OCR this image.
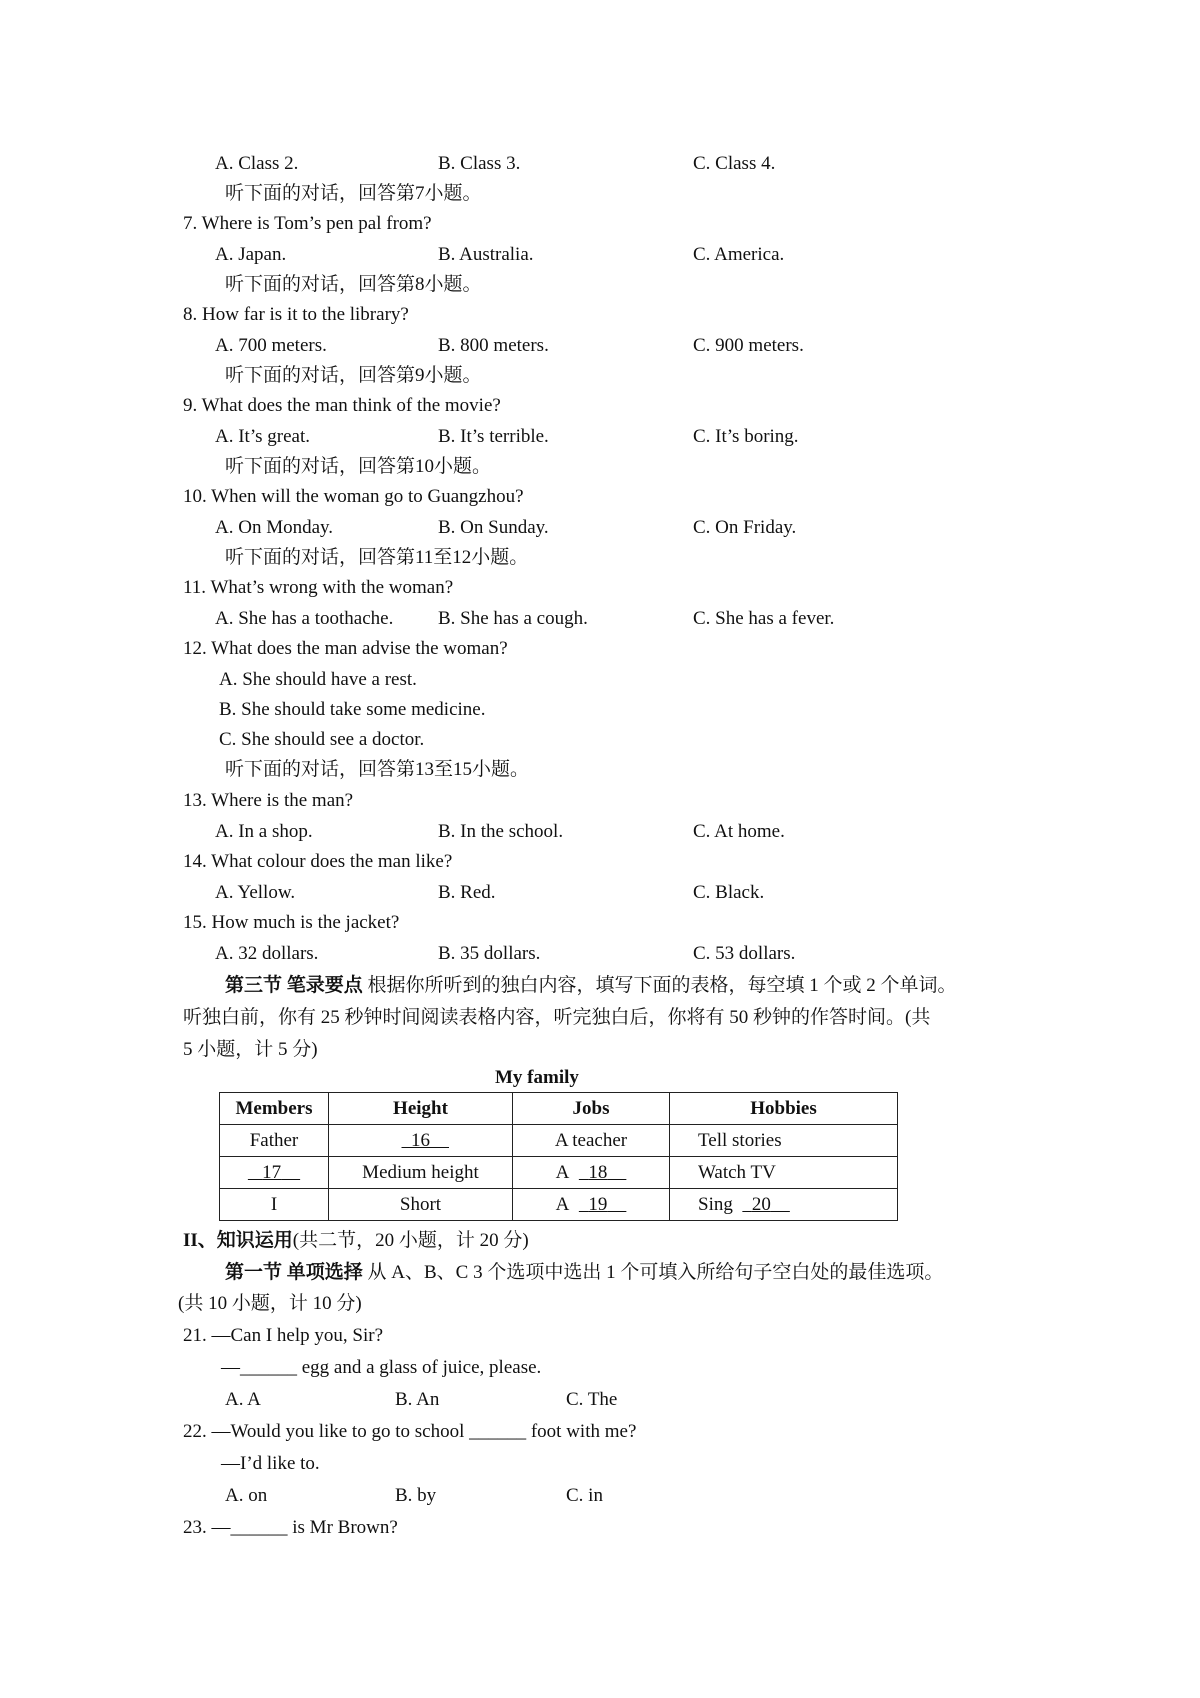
A. Class 2.	B. Class 3.	C. Class 4.
听下面的对话，回答第7小题。
7. Where is Tom’s pen pal from?
A. Japan.	B. Australia.	C. America.
听下面的对话，回答第8小题。
8. How far is it to the library?
A. 700 meters.	B. 800 meters.	C. 900 meters.
听下面的对话，回答第9小题。
9. What does the man think of the movie?
A. It’s great.	B. It’s terrible.	C. It’s boring.
听下面的对话，回答第10小题。
10. When will the woman go to Guangzhou?
A. On Monday.	B. On Sunday.	C. On Friday.
听下面的对话，回答第11至12小题。
11. What’s wrong with the woman?
A. She has a toothache. B. She has a cough.	C. She has a fever.
12. What does the man advise the woman?
A. She should have a rest.
B. She should take some medicine.
C. She should see a doctor.
听下面的对话，回答第13至15小题。
13. Where is the man?
A. In a shop.	B. In the school.	C. At home.
14. What colour does the man like?
A. Yellow.	B. Red.	C. Black.
15. How much is the jacket?
A. 32 dollars.	B. 35 dollars.	C. 53 dollars.
第三节 笔录要点 根据你所听到的独白内容，填写下面的表格，每空填 1 个或 2 个单词。
听独白前，你有 25 秒钟时间阅读表格内容，听完独白后，你将有 50 秒钟的作答时间。(共
5 小题，计 5 分)
My family
Members	Height	Jobs	Hobbies
Father	16	A teacher	Tell stories
17	Medium height	A 18	Watch TV
I	Short	A 19	Sing 20
II、知识运用(共二节，20 小题，计 20 分)
第一节 单项选择 从 A、B、C 3 个选项中选出 1 个可填入所给句子空白处的最佳选项。
(共 10 小题，计 10 分)
21. —Can I help you, Sir?
—______ egg and a glass of juice, please.
A. A	B. An	C. The
22. —Would you like to go to school ______ foot with me?
—I’d like to.
A. on	B. by	C. in
23. —______ is Mr Brown?
